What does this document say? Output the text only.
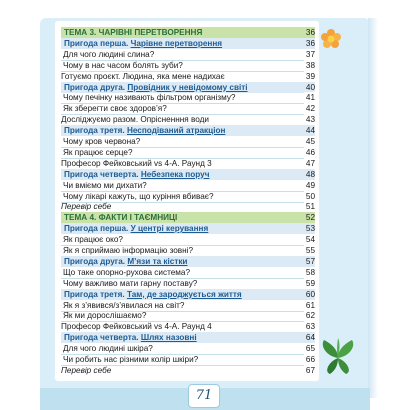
ТЕМА 3. ЧАРІВНІ ПЕРЕТВОРЕННЯ	36
Пригода перша. Чарівне перетворення	36
Для чого людині слина?	37
Чому в нас часом болять зуби?	38
Готуємо проєкт. Людина, яка мене надихає	39
Пригода друга. Провідник у невідомому світі	40
Чому печінку називають фільтром організму?	41
Як зберегти своє здоров’я?	42
Досліджуємо разом. Опрісненння води	43
Пригода третя. Несподіваний атракціон	44
Чому кров червона?	45
Як працює серце?	46
Професор Фейковський vs 4-А. Раунд 3	47
Пригода четверта. Небезпека поруч	48
Чи вміємо ми дихати?	49
Чому лікарі кажуть, що куріння вбиває?	50
Перевір себе	51
ТЕМА 4. ФАКТИ І ТАЄМНИЦІ	52
Пригода перша. У центрі керування	53
Як працює око?	54
Як я сприймаю інформацію зовні?	55
Пригода друга. М’язи та кістки	57
Що таке опорно-рухова система?	58
Чому важливо мати гарну поставу?	59
Пригода третя. Там, де зароджується життя	60
Як я з’явився/з’явилася на світ?	61
Як ми дорослішаємо?	62
Професор Фейковський vs 4-А. Раунд 4	63
Пригода четверта. Шлях назовні	64
Для чого людині шкіра?	65
Чи робить нас різними колір шкіри?	66
Перевір себе	67
71
